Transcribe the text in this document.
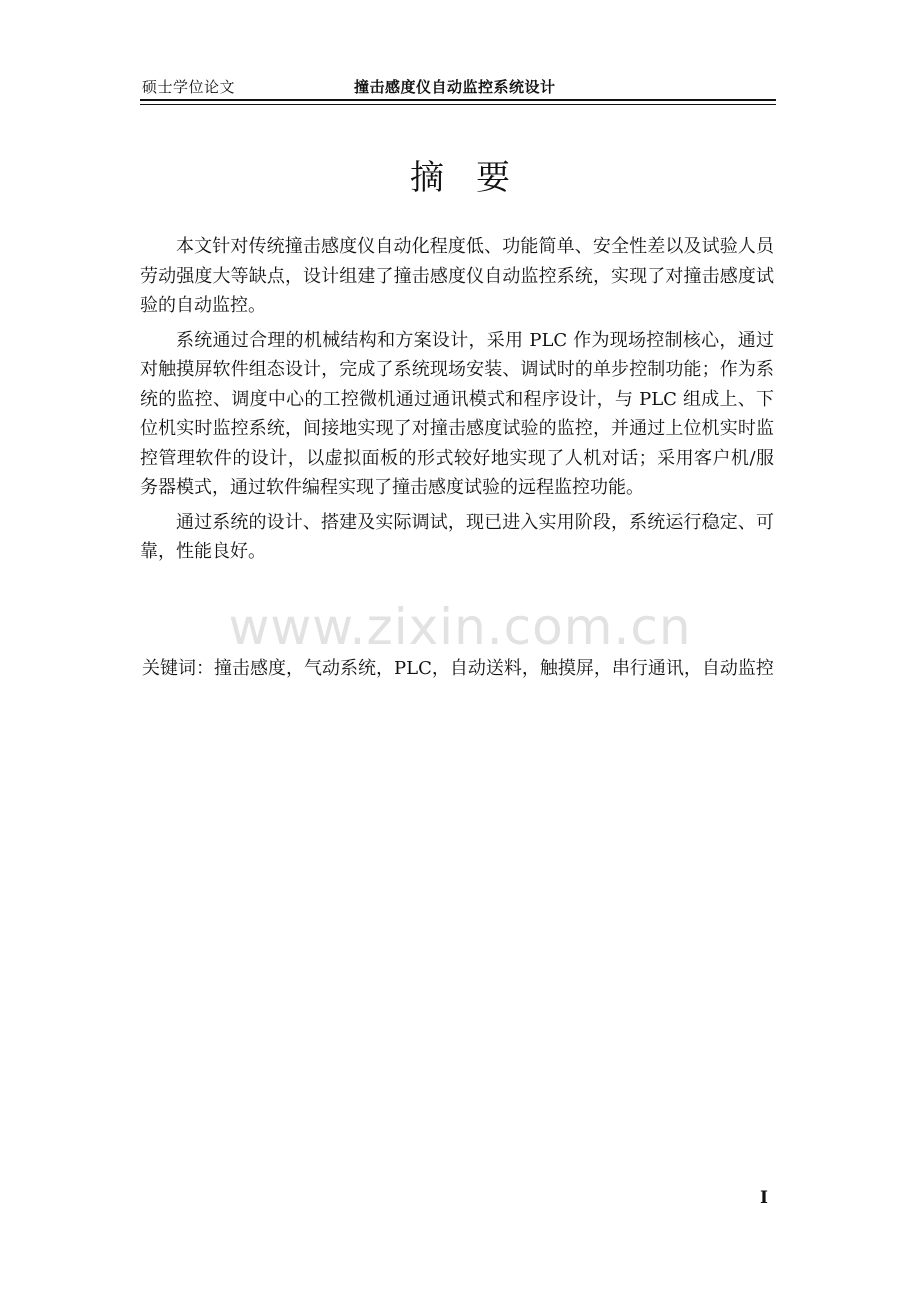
硕士学位论文	撞击感度仪自动监控系统设计
摘要

本文针对传统撞击感度仪自动化程度低、功能简单、安全性差以及试验人员劳动强度大等缺点，设计组建了撞击感度仪自动监控系统，实现了对撞击感度试验的自动监控。

系统通过合理的机械结构和方案设计，采用 PLC 作为现场控制核心，通过对触摸屏软件组态设计，完成了系统现场安装、调试时的单步控制功能；作为系统的监控、调度中心的工控微机通过通讯模式和程序设计，与 PLC 组成上、下位机实时监控系统，间接地实现了对撞击感度试验的监控，并通过上位机实时监控管理软件的设计，以虚拟面板的形式较好地实现了人机对话；采用客户机/服务器模式，通过软件编程实现了撞击感度试验的远程监控功能。

通过系统的设计、搭建及实际调试，现已进入实用阶段，系统运行稳定、可靠，性能良好。

www.zixin.com.cn
关键词：撞击感度，气动系统，PLC，自动送料，触摸屏，串行通讯，自动监控
I
